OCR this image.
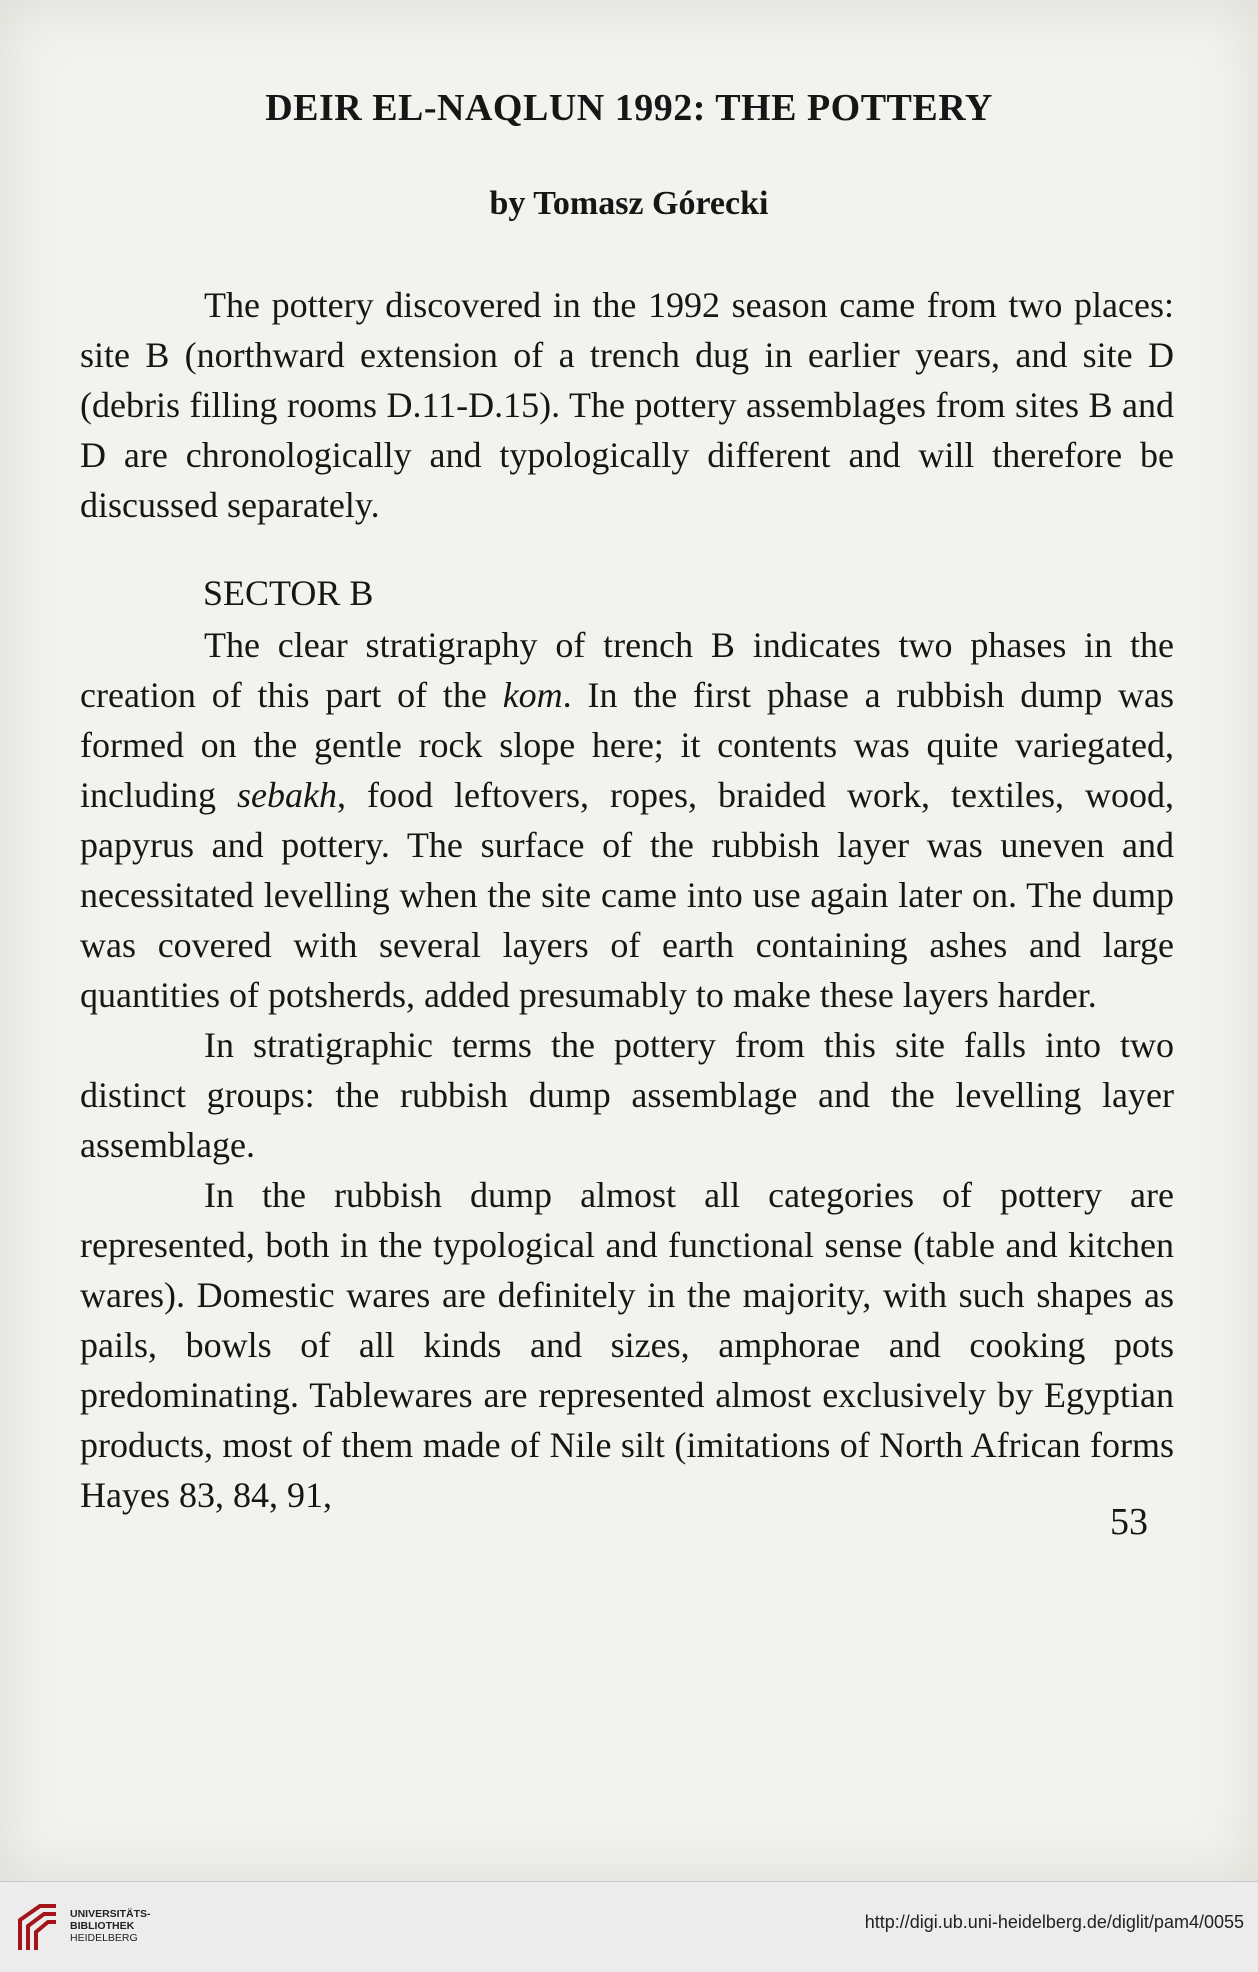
DEIR EL-NAQLUN 1992: THE POTTERY
by Tomasz Górecki

The pottery discovered in the 1992 season came from two places: site B (northward extension of a trench dug in earlier years, and site D (debris filling rooms D.11-D.15). The pottery assemblages from sites B and D are chronologically and typologically different and will therefore be discussed separately.

SECTOR B

The clear stratigraphy of trench B indicates two phases in the creation of this part of the kom. In the first phase a rubbish dump was formed on the gentle rock slope here; it contents was quite variegated, including sebakh, food leftovers, ropes, braided work, textiles, wood, papyrus and pottery. The surface of the rubbish layer was uneven and necessitated levelling when the site came into use again later on. The dump was covered with several layers of earth containing ashes and large quantities of potsherds, added presumably to make these layers harder.

In stratigraphic terms the pottery from this site falls into two distinct groups: the rubbish dump assemblage and the levelling layer assemblage.

In the rubbish dump almost all categories of pottery are represented, both in the typological and functional sense (table and kitchen wares). Domestic wares are definitely in the majority, with such shapes as pails, bowls of all kinds and sizes, amphorae and cooking pots predominating. Tablewares are represented almost exclusively by Egyptian products, most of them made of Nile silt (imitations of North African forms Hayes 83, 84, 91,

53
UNIVERSITÄTS-
BIBLIOTHEK
HEIDELBERG
http://digi.ub.uni-heidelberg.de/diglit/pam4/0055
